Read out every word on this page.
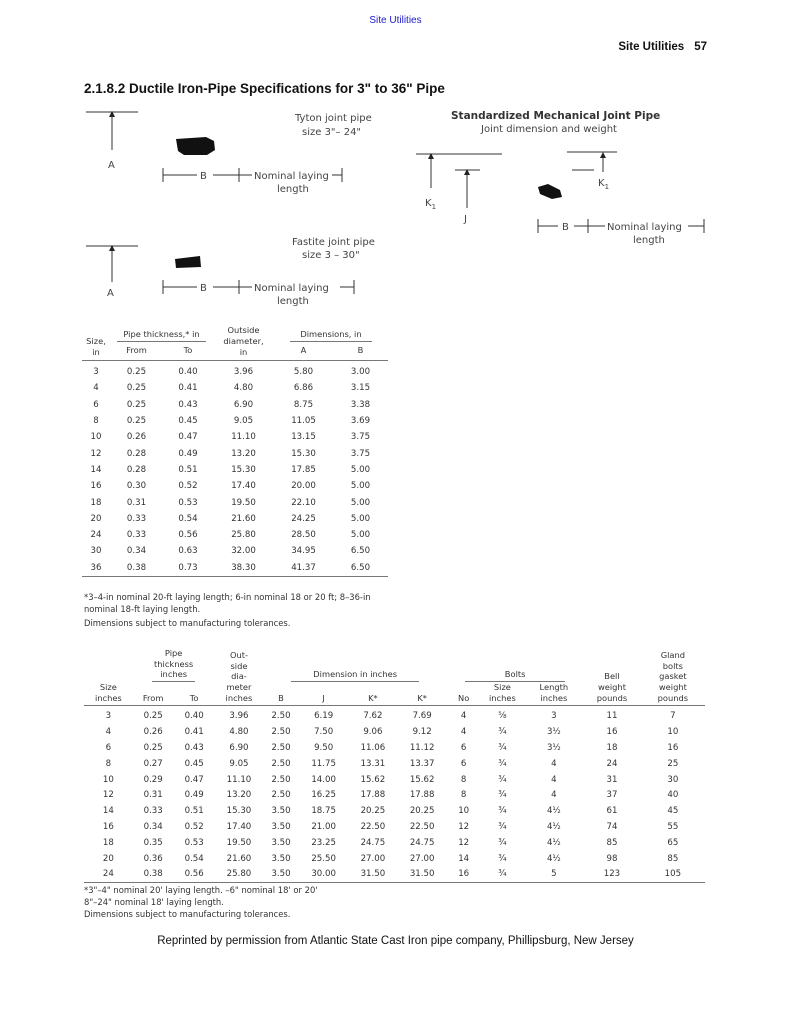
Site Utilities
Site Utilities 57
2.1.8.2 Ductile Iron-Pipe Specifications for 3" to 36" Pipe
Tyton joint pipe
size 3"– 24"
A
B	Nominal laying
length
Fastite joint pipe
size 3 – 30"
A	B	Nominal laying
length
Standardized Mechanical Joint Pipe
Joint dimension and weight
$K_1$
J
$K_1$
B	Nominal laying
length
Size,
in	Pipe thickness,* in		Outside
diameter,
in	Dimensions, in	
	From	To		A	B
3	0.25	0.40	3.96	5.80	3.00
4	0.25	0.41	4.80	6.86	3.15
6	0.25	0.43	6.90	8.75	3.38
8	0.25	0.45	9.05	11.05	3.69
10	0.26	0.47	11.10	13.15	3.75
12	0.28	0.49	13.20	15.30	3.75
14	0.28	0.51	15.30	17.85	5.00
16	0.30	0.52	17.40	20.00	5.00
18	0.31	0.53	19.50	22.10	5.00
20	0.33	0.54	21.60	24.25	5.00
24	0.33	0.56	25.80	28.50	5.00
30	0.34	0.63	32.00	34.95	6.50
36	0.38	0.73	38.30	41.37	6.50
*3–4-in nominal 20-ft laying length; 6-in nominal 18 or 20 ft; 8–36-in nominal 18-ft laying length.
Dimensions subject to manufacturing tolerances.
Size
inches	Pipe
thickness
inches		Out-
side
dia-
meter
inches	Dimension in inches				Bolts			Bell
weight
pounds	Gland
bolts
gasket
weight
pounds
	From	To		B	J	K*	K*	No	Size
inches	Length
inches		

3	0.25	0.40	3.96	2.50	6.19	7.62	7.69	4	⅝	3	11	7
4	0.26	0.41	4.80	2.50	7.50	9.06	9.12	4	¾	3½	16	10
6	0.25	0.43	6.90	2.50	9.50	11.06	11.12	6	¾	3½	18	16
8	0.27	0.45	9.05	2.50	11.75	13.31	13.37	6	¾	4	24	25
10	0.29	0.47	11.10	2.50	14.00	15.62	15.62	8	¾	4	31	30
12	0.31	0.49	13.20	2.50	16.25	17.88	17.88	8	¾	4	37	40
14	0.33	0.51	15.30	3.50	18.75	20.25	20.25	10	¾	4½	61	45
16	0.34	0.52	17.40	3.50	21.00	22.50	22.50	12	¾	4½	74	55
18	0.35	0.53	19.50	3.50	23.25	24.75	24.75	12	¾	4½	85	65
20	0.36	0.54	21.60	3.50	25.50	27.00	27.00	14	¾	4½	98	85
24	0.38	0.56	25.80	3.50	30.00	31.50	31.50	16	¾	5	123	105
*3"–4" nominal 20' laying length. –6" nominal 18' or 20'
8"–24" nominal 18' laying length.
Dimensions subject to manufacturing tolerances.
Reprinted by permission from Atlantic State Cast Iron pipe company, Phillipsburg, New Jersey
